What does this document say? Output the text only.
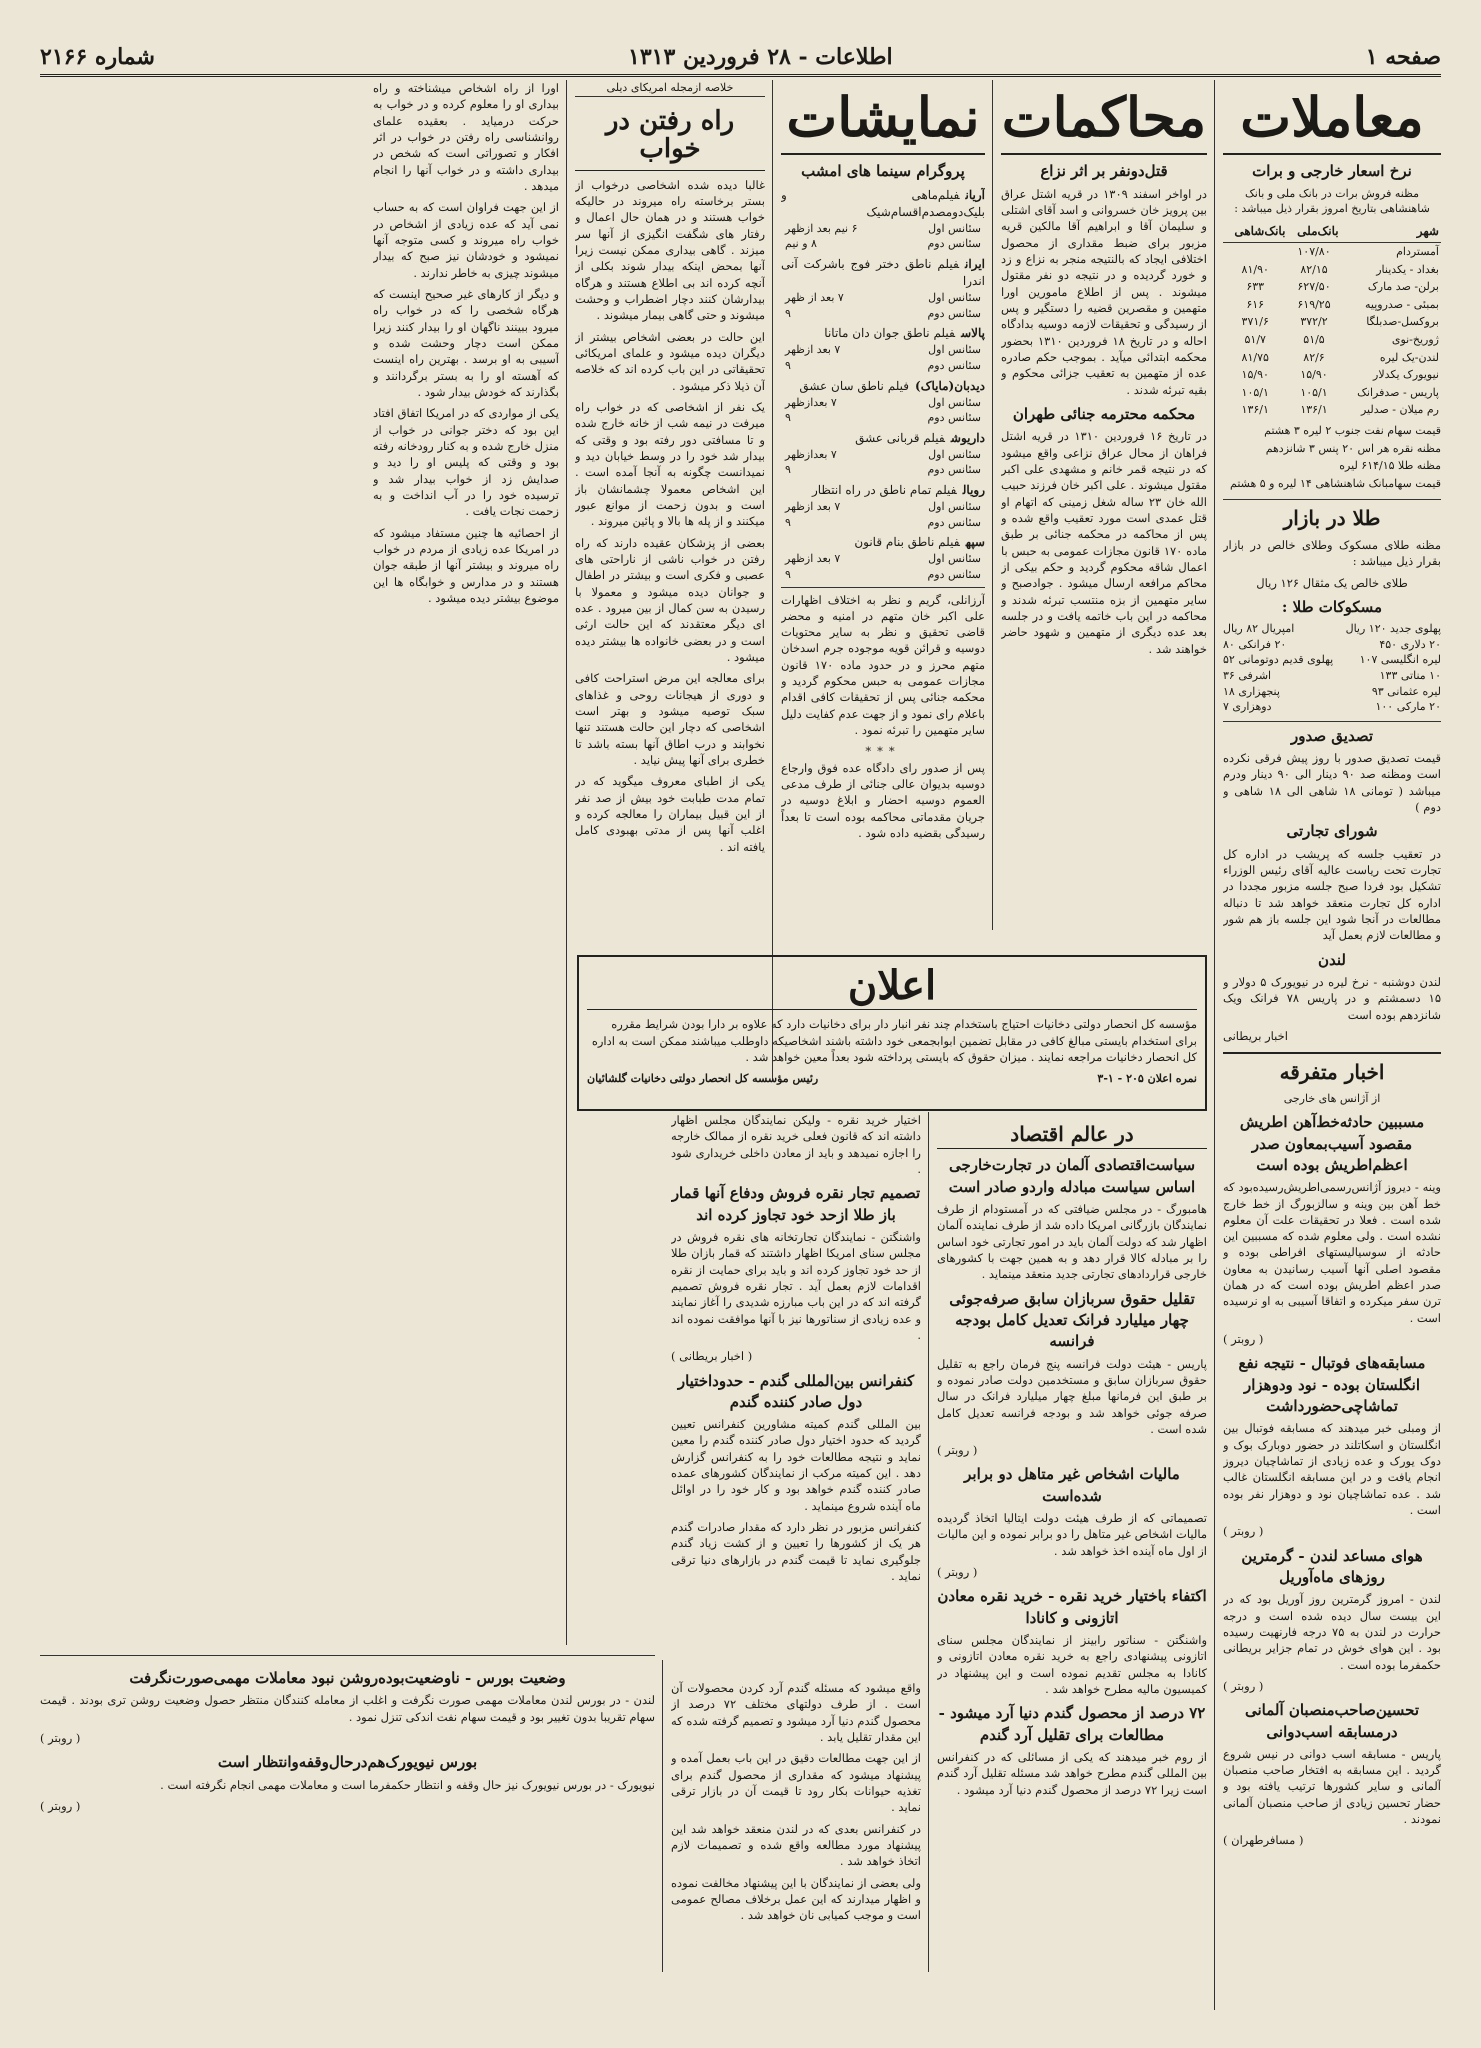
صفحه ۱
اطلاعات - ۲۸ فروردین ۱۳۱۳
شماره ۲۱۶۶
معاملات
نرخ اسعار خارجی و برات

مظنه فروش برات در بانک ملی و بانک شاهنشاهی بتاریخ امروز بقرار ذیل میباشد :

شهر	بانک‌ملی	بانک‌شاهی
آمستردام	۱۰۷/۸۰	
بغداد - یکدینار	۸۲/۱۵	۸۱/۹۰
برلن- صد مارک	۶۲۷/۵۰	۶۳۳
بمبئی - صدروپیه	۶۱۹/۲۵	۶۱۶
بروکسل-صدبلگا	۳۷۲/۲	۳۷۱/۶
ژوریخ-نوی	۵۱/۵	۵۱/۷
لندن-یک لیره	۸۲/۶	۸۱/۷۵
نیویورک یکدلار	۱۵/۹۰	۱۵/۹۰
پاریس - صدفرانک	۱۰۵/۱	۱۰۵/۱
رم میلان - صدلیر	۱۳۶/۱	۱۳۶/۱

قیمت سهام نفت جنوب ۲ لیره ۳ هشتم

مظنه نقره هر اس ۲۰ پنس ۳ شانزدهم

مظنه طلا ۶۱۴/۱۵ لیره

قیمت سهامبانک شاهنشاهی ۱۴ لیره و ۵ هشتم

طلا در بازار

مظنه طلای مسکوک وطلای خالص در بازار بقرار ذیل میباشد :

طلای خالص یک مثقال ۱۲۶ ریال

مسکوکات طلا :
پهلوی جدید ۱۲۰ ریال
امپریال ۸۲ ریال
۲۰ دلاری ۴۵۰
۲۰ فرانکی ۸۰
لیره انگلیسی ۱۰۷
پهلوی قدیم دوتومانی ۵۲
۱۰ مناتی ۱۳۳
اشرفی ۳۶
لیره عثمانی ۹۳
پنجهزاری ۱۸
۲۰ مارکی ۱۰۰
دوهزاری ۷
تصدیق صدور

قیمت تصدیق صدور با روز پیش فرقی نکرده است ومظنه صد ۹۰ دینار الی ۹۰ دینار ودرم میباشد ( تومانی ۱۸ شاهی الی ۱۸ شاهی و دوم )

شورای تجارتی

در تعقیب جلسه که پریشب در اداره کل تجارت تحت ریاست عالیه آقای رئیس الوزراء تشکیل بود فردا صبح جلسه مزبور مجددا در اداره کل تجارت منعقد خواهد شد تا دنباله مطالعات در آنجا شود این جلسه باز هم شور و مطالعات لازم بعمل آید

لندن

لندن دوشنبه - نرخ لیره در نیویورک ۵ دولار و ۱۵ دسمشتم و در پاریس ۷۸ فرانک ویک شانزدهم بوده است

اخبار بریطانی

اخبار متفرقه
از آژانس های خارجی
مسببین حادثه‌خط‌آهن اطریش مقصود آسیب‌بمعاون صدر اعظم‌اطریش بوده است

وینه - دیروز آژانس‌رسمی‌اطریش‌رسیده‌بود که خط آهن بین وینه و سالزبورگ از خط خارج شده است . فعلا در تحقیقات علت آن معلوم نشده است . ولی معلوم شده که مسببین این حادثه از سوسیالیستهای افراطی بوده و مقصود اصلی آنها آسیب رسانیدن به معاون صدر اعظم اطریش بوده است که در همان ترن سفر میکرده و اتفاقا آسیبی به او نرسیده است .

( روبتر )

مسابقه‌های فوتبال - نتیجه نفع انگلستان بوده - نود ودوهزار تماشاچی‌حضورداشت

از ومبلی خبر میدهند که مسابقه فوتبال بین انگلستان و اسکاتلند در حضور دوبارک بوک و دوک یورک و عده زیادی از تماشاچیان دیروز انجام یافت و در این مسابقه انگلستان غالب شد . عده تماشاچیان نود و دوهزار نفر بوده است .

( روبتر )

هوای مساعد لندن - گرمترین روزهای ماه‌آوریل

لندن - امروز گرمترین روز آوریل بود که در این بیست سال دیده شده است و درجه حرارت در لندن به ۷۵ درجه فارنهیت رسیده بود . این هوای خوش در تمام جزایر بریطانی حکمفرما بوده است .

( روبتر )

تحسین‌صاحب‌منصبان آلمانی درمسابقه اسب‌دوانی

پاریس - مسابقه اسب دوانی در نیس شروع گردید . این مسابقه به افتخار صاحب منصبان آلمانی و سایر کشورها ترتیب یافته بود و حضار تحسین زیادی از صاحب منصبان آلمانی نمودند .

( مسافرطهران )

محاکمات
قتل‌دو‌نفر بر اثر نزاع

در اواخر اسفند ۱۳۰۹ در قریه اشتل عراق بین پرویز خان خسروانی و اسد آقای اشتلی و سلیمان آقا و ابراهیم آقا مالکین قریه مزبور برای ضبط مقداری از محصول اختلافی ایجاد که بالنتیجه منجر به نزاع و زد و خورد گردیده و در نتیجه دو نفر مقتول میشوند . پس از اطلاع مامورین اورا متهمین و مقصرین قضیه را دستگیر و پس از رسیدگی و تحقیقات لازمه دوسیه بدادگاه احاله و در تاریخ ۱۸ فروردین ۱۳۱۰ بحضور محکمه ابتدائی میآید . بموجب حکم صادره عده از متهمین به تعقیب جزائی محکوم و بقیه تبرئه شدند .

محکمه محترمه جنائی طهران

در تاریخ ۱۶ فروردین ۱۳۱۰ در قریه اشتل فراهان از محال عراق نزاعی واقع میشود که در نتیجه قمر خانم و مشهدی علی اکبر مقتول میشوند . علی اکبر خان فرزند حبیب الله خان ۲۳ ساله شغل زمینی که اتهام او قتل عمدی است مورد تعقیب واقع شده و پس از محاکمه در محکمه جنائی بر طبق ماده ۱۷۰ قانون مجازات عمومی به حبس با اعمال شاقه محکوم گردید و حکم بیکی از محاکم مرافعه ارسال میشود . جوادصبح و سایر متهمین از بزه منتسب تبرئه شدند و محاکمه در این باب خاتمه یافت و در جلسه بعد عده دیگری از متهمین و شهود حاضر خواهند شد .

نمایشات
پروگرام سینما های امشب
آریانفیلم‌ماهی و بلیک‌دومصدم‌اقسام‌شیک
سئانس اول
۶ نیم بعد ازظهر
سئانس دوم
۸ و نیم
ایرانفیلم ناطق دختر فوج باشرکت آنی اندرا
سئانس اول
۷ بعد از ظهر
سئانس دوم
۹
پالاسفیلم ناطق جوان دان ماتانا
سئانس اول
۷ بعد ازظهر
سئانس دوم
۹
دیدبان(مایاک)فیلم ناطق سان عشق
سئانس اول
۷ بعدازظهر
سئانس دوم
۹
داریوشفیلم قربانی عشق
سئانس اول
۷ بعدازظهر
سئانس دوم
۹
رویالفیلم تمام ناطق در راه انتظار
سئانس اول
۷ بعد ازظهر
سئانس دوم
۹
سپهفیلم ناطق بنام قانون
سئانس اول
۷ بعد ازظهر
سئانس دوم
۹

آرزانلی، گریم و نظر به اختلاف اظهارات علی اکبر خان متهم در امنیه و محضر قاضی تحقیق و نظر به سایر محتویات دوسیه و قرائن قویه موجوده جرم اسدخان متهم محرز و در حدود ماده ۱۷۰ قانون مجازات عمومی به حبس محکوم گردید و محکمه جنائی پس از تحقیقات کافی اقدام باعلام رای نمود و از جهت عدم کفایت دلیل سایر متهمین را تبرئه نمود .

***

پس از صدور رای دادگاه عده فوق وارجاع دوسیه بدیوان عالی جنائی از طرف مدعی العموم دوسیه احضار و ابلاغ دوسیه در جریان مقدماتی محاکمه بوده است تا بعداً رسیدگی بقضیه داده شود .

خلاصه ازمجله امریکای دیلی
راه رفتن در خواب

غالبا دیده شده اشخاصی درخواب از بستر برخاسته راه میروند در حالیکه خواب هستند و در همان حال اعمال و رفتار های شگفت انگیزی از آنها سر میزند . گاهی بیداری ممکن نیست زیرا آنها بمحض اینکه بیدار شوند بکلی از آنچه کرده اند بی اطلاع هستند و هرگاه بیدارشان کنند دچار اضطراب و وحشت میشوند و حتی گاهی بیمار میشوند .

این حالت در بعضی اشخاص بیشتر از دیگران دیده میشود و علمای امریکائی تحقیقاتی در این باب کرده اند که خلاصه آن ذیلا ذکر میشود .

یک نفر از اشخاصی که در خواب راه میرفت در نیمه شب از خانه خارج شده و تا مسافتی دور رفته بود و وقتی که بیدار شد خود را در وسط خیابان دید و نمیدانست چگونه به آنجا آمده است . این اشخاص معمولا چشمانشان باز است و بدون زحمت از موانع عبور میکنند و از پله ها بالا و پائین میروند .

بعضی از پزشکان عقیده دارند که راه رفتن در خواب ناشی از ناراحتی های عصبی و فکری است و بیشتر در اطفال و جوانان دیده میشود و معمولا با رسیدن به سن کمال از بین میرود . عده ای دیگر معتقدند که این حالت ارثی است و در بعضی خانواده ها بیشتر دیده میشود .

برای معالجه این مرض استراحت کافی و دوری از هیجانات روحی و غذاهای سبک توصیه میشود و بهتر است اشخاصی که دچار این حالت هستند تنها نخوابند و درب اطاق آنها بسته باشد تا خطری برای آنها پیش نیاید .

یکی از اطبای معروف میگوید که در تمام مدت طبابت خود بیش از صد نفر از این قبیل بیماران را معالجه کرده و اغلب آنها پس از مدتی بهبودی کامل یافته اند .

اورا از راه اشخاص میشناخته و راه بیداری او را معلوم کرده و در خواب به حرکت درمیاید . بعقیده علمای روانشناسی راه رفتن در خواب در اثر افکار و تصوراتی است که شخص در بیداری داشته و در خواب آنها را انجام میدهد .

از این جهت فراوان است که به حساب نمی آید که عده زیادی از اشخاص در خواب راه میروند و کسی متوجه آنها نمیشود و خودشان نیز صبح که بیدار میشوند چیزی به خاطر ندارند .

و دیگر از کارهای غیر صحیح اینست که هرگاه شخصی را که در خواب راه میرود ببینند ناگهان او را بیدار کنند زیرا ممکن است دچار وحشت شده و آسیبی به او برسد . بهترین راه اینست که آهسته او را به بستر برگردانند و بگذارند که خودش بیدار شود .

یکی از مواردی که در امریکا اتفاق افتاد این بود که دختر جوانی در خواب از منزل خارج شده و به کنار رودخانه رفته بود و وقتی که پلیس او را دید و صدایش زد از خواب بیدار شد و ترسیده خود را در آب انداخت و به زحمت نجات یافت .

از احصائیه ها چنین مستفاد میشود که در امریکا عده زیادی از مردم در خواب راه میروند و بیشتر آنها از طبقه جوان هستند و در مدارس و خوابگاه ها این موضوع بیشتر دیده میشود .

اعلان

مؤسسه کل انحصار دولتی دخانیات احتیاج باستخدام چند نفر انبار دار برای دخانیات دارد که علاوه بر دارا بودن شرایط مقرره برای استخدام بایستی مبالغ کافی در مقابل تضمین ابوابجمعی خود داشته باشند اشخاصیکه داوطلب میباشند ممکن است به اداره کل انحصار دخانیات مراجعه نمایند . میزان حقوق که بایستی پرداخته شود بعداً معین خواهد شد .

نمره اعلان ۲۰۵ - ۱-۳
رئیس مؤسسه کل انحصار دولتی دخانیات گلشائیان
در عالم اقتصاد
سیاست‌اقتصادی آلمان در تجارت‌خارجی اساس سیاست مبادله واردو صادر است

هامبورگ - در مجلس ضیافتی که در آمستودام از طرف نمایندگان بازرگانی امریکا داده شد از طرف نماینده آلمان اظهار شد که دولت آلمان باید در امور تجارتی خود اساس را بر مبادله کالا قرار دهد و به همین جهت با کشورهای خارجی قراردادهای تجارتی جدید منعقد مینماید .

تقلیل حقوق سربازان سابق صرفه‌جوئی چهار میلیارد فرانک تعدیل کامل بودجه فرانسه

پاریس - هیئت دولت فرانسه پنج فرمان راجع به تقلیل حقوق سربازان سابق و مستخدمین دولت صادر نموده و بر طبق این فرمانها مبلغ چهار میلیارد فرانک در سال صرفه جوئی خواهد شد و بودجه فرانسه تعدیل کامل شده است .

( روبتر )

مالیات اشخاص غیر متاهل دو برابر شده‌است

تصمیماتی که از طرف هیئت دولت ایتالیا اتخاذ گردیده مالیات اشخاص غیر متاهل را دو برابر نموده و این مالیات از اول ماه آینده اخذ خواهد شد .

( روبتر )

اکتفاء باختیار خرید نقره - خرید نقره معادن اتازونی و کانادا

واشنگتن - سناتور رابینز از نمایندگان مجلس سنای اتازونی پیشنهادی راجع به خرید نقره معادن اتازونی و کانادا به مجلس تقدیم نموده است و این پیشنهاد در کمیسیون مالیه مطرح خواهد شد .

۷۲ درصد از محصول گندم دنیا آرد میشود - مطالعات برای تقلیل آرد گندم

از روم خبر میدهند که یکی از مسائلی که در کنفرانس بین المللی گندم مطرح خواهد شد مسئله تقلیل آرد گندم است زیرا ۷۲ درصد از محصول گندم دنیا آرد میشود .

اختیار خرید نقره - ولیکن نمایندگان مجلس اظهار داشته اند که قانون فعلی خرید نقره از ممالک خارجه را اجازه نمیدهد و باید از معادن داخلی خریداری شود .

تصمیم تجار نقره فروش ودفاع آنها قمار باز طلا ازحد خود تجاوز کرده اند

واشنگتن - نمایندگان تجارتخانه های نقره فروش در مجلس سنای امریکا اظهار داشتند که قمار بازان طلا از حد خود تجاوز کرده اند و باید برای حمایت از نقره اقدامات لازم بعمل آید . تجار نقره فروش تصمیم گرفته اند که در این باب مبارزه شدیدی را آغاز نمایند و عده زیادی از سناتورها نیز با آنها موافقت نموده اند .

( اخبار بریطانی )

کنفرانس بین‌المللی گندم - حدود‌اختیار دول صادر کننده گندم

بین المللی گندم کمیته مشاورین کنفرانس تعیین گردید که حدود اختیار دول صادر کننده گندم را معین نماید و نتیجه مطالعات خود را به کنفرانس گزارش دهد . این کمیته مرکب از نمایندگان کشورهای عمده صادر کننده گندم خواهد بود و کار خود را در اوائل ماه آینده شروع مینماید .

کنفرانس مزبور در نظر دارد که مقدار صادرات گندم هر یک از کشورها را تعیین و از کشت زیاد گندم جلوگیری نماید تا قیمت گندم در بازارهای دنیا ترقی نماید .

واقع میشود که مسئله گندم آرد کردن محصولات آن است . از طرف دولتهای مختلف ۷۲ درصد از محصول گندم دنیا آرد میشود و تصمیم گرفته شده که این مقدار تقلیل یابد .

از این جهت مطالعات دقیق در این باب بعمل آمده و پیشنهاد میشود که مقداری از محصول گندم برای تغذیه حیوانات بکار رود تا قیمت آن در بازار ترقی نماید .

در کنفرانس بعدی که در لندن منعقد خواهد شد این پیشنهاد مورد مطالعه واقع شده و تصمیمات لازم اتخاذ خواهد شد .

ولی بعضی از نمایندگان با این پیشنهاد مخالفت نموده و اظهار میدارند که این عمل برخلاف مصالح عمومی است و موجب کمیابی نان خواهد شد .

وضعیت بورس - ناوضعیت‌بود‌ه‌روشن نبود معاملات مهمی‌صورت‌نگرفت

لندن - در بورس لندن معاملات مهمی صورت نگرفت و اغلب از معامله کنندگان منتظر حصول وضعیت روشن تری بودند . قیمت سهام تقریبا بدون تغییر بود و قیمت سهام نفت اندکی تنزل نمود .

( روبتر )

بورس نیویورک‌هم‌درحال‌وقفه‌وانتظار است

نیویورک - در بورس نیویورک نیز حال وقفه و انتظار حکمفرما است و معاملات مهمی انجام نگرفته است .

( روبتر )
